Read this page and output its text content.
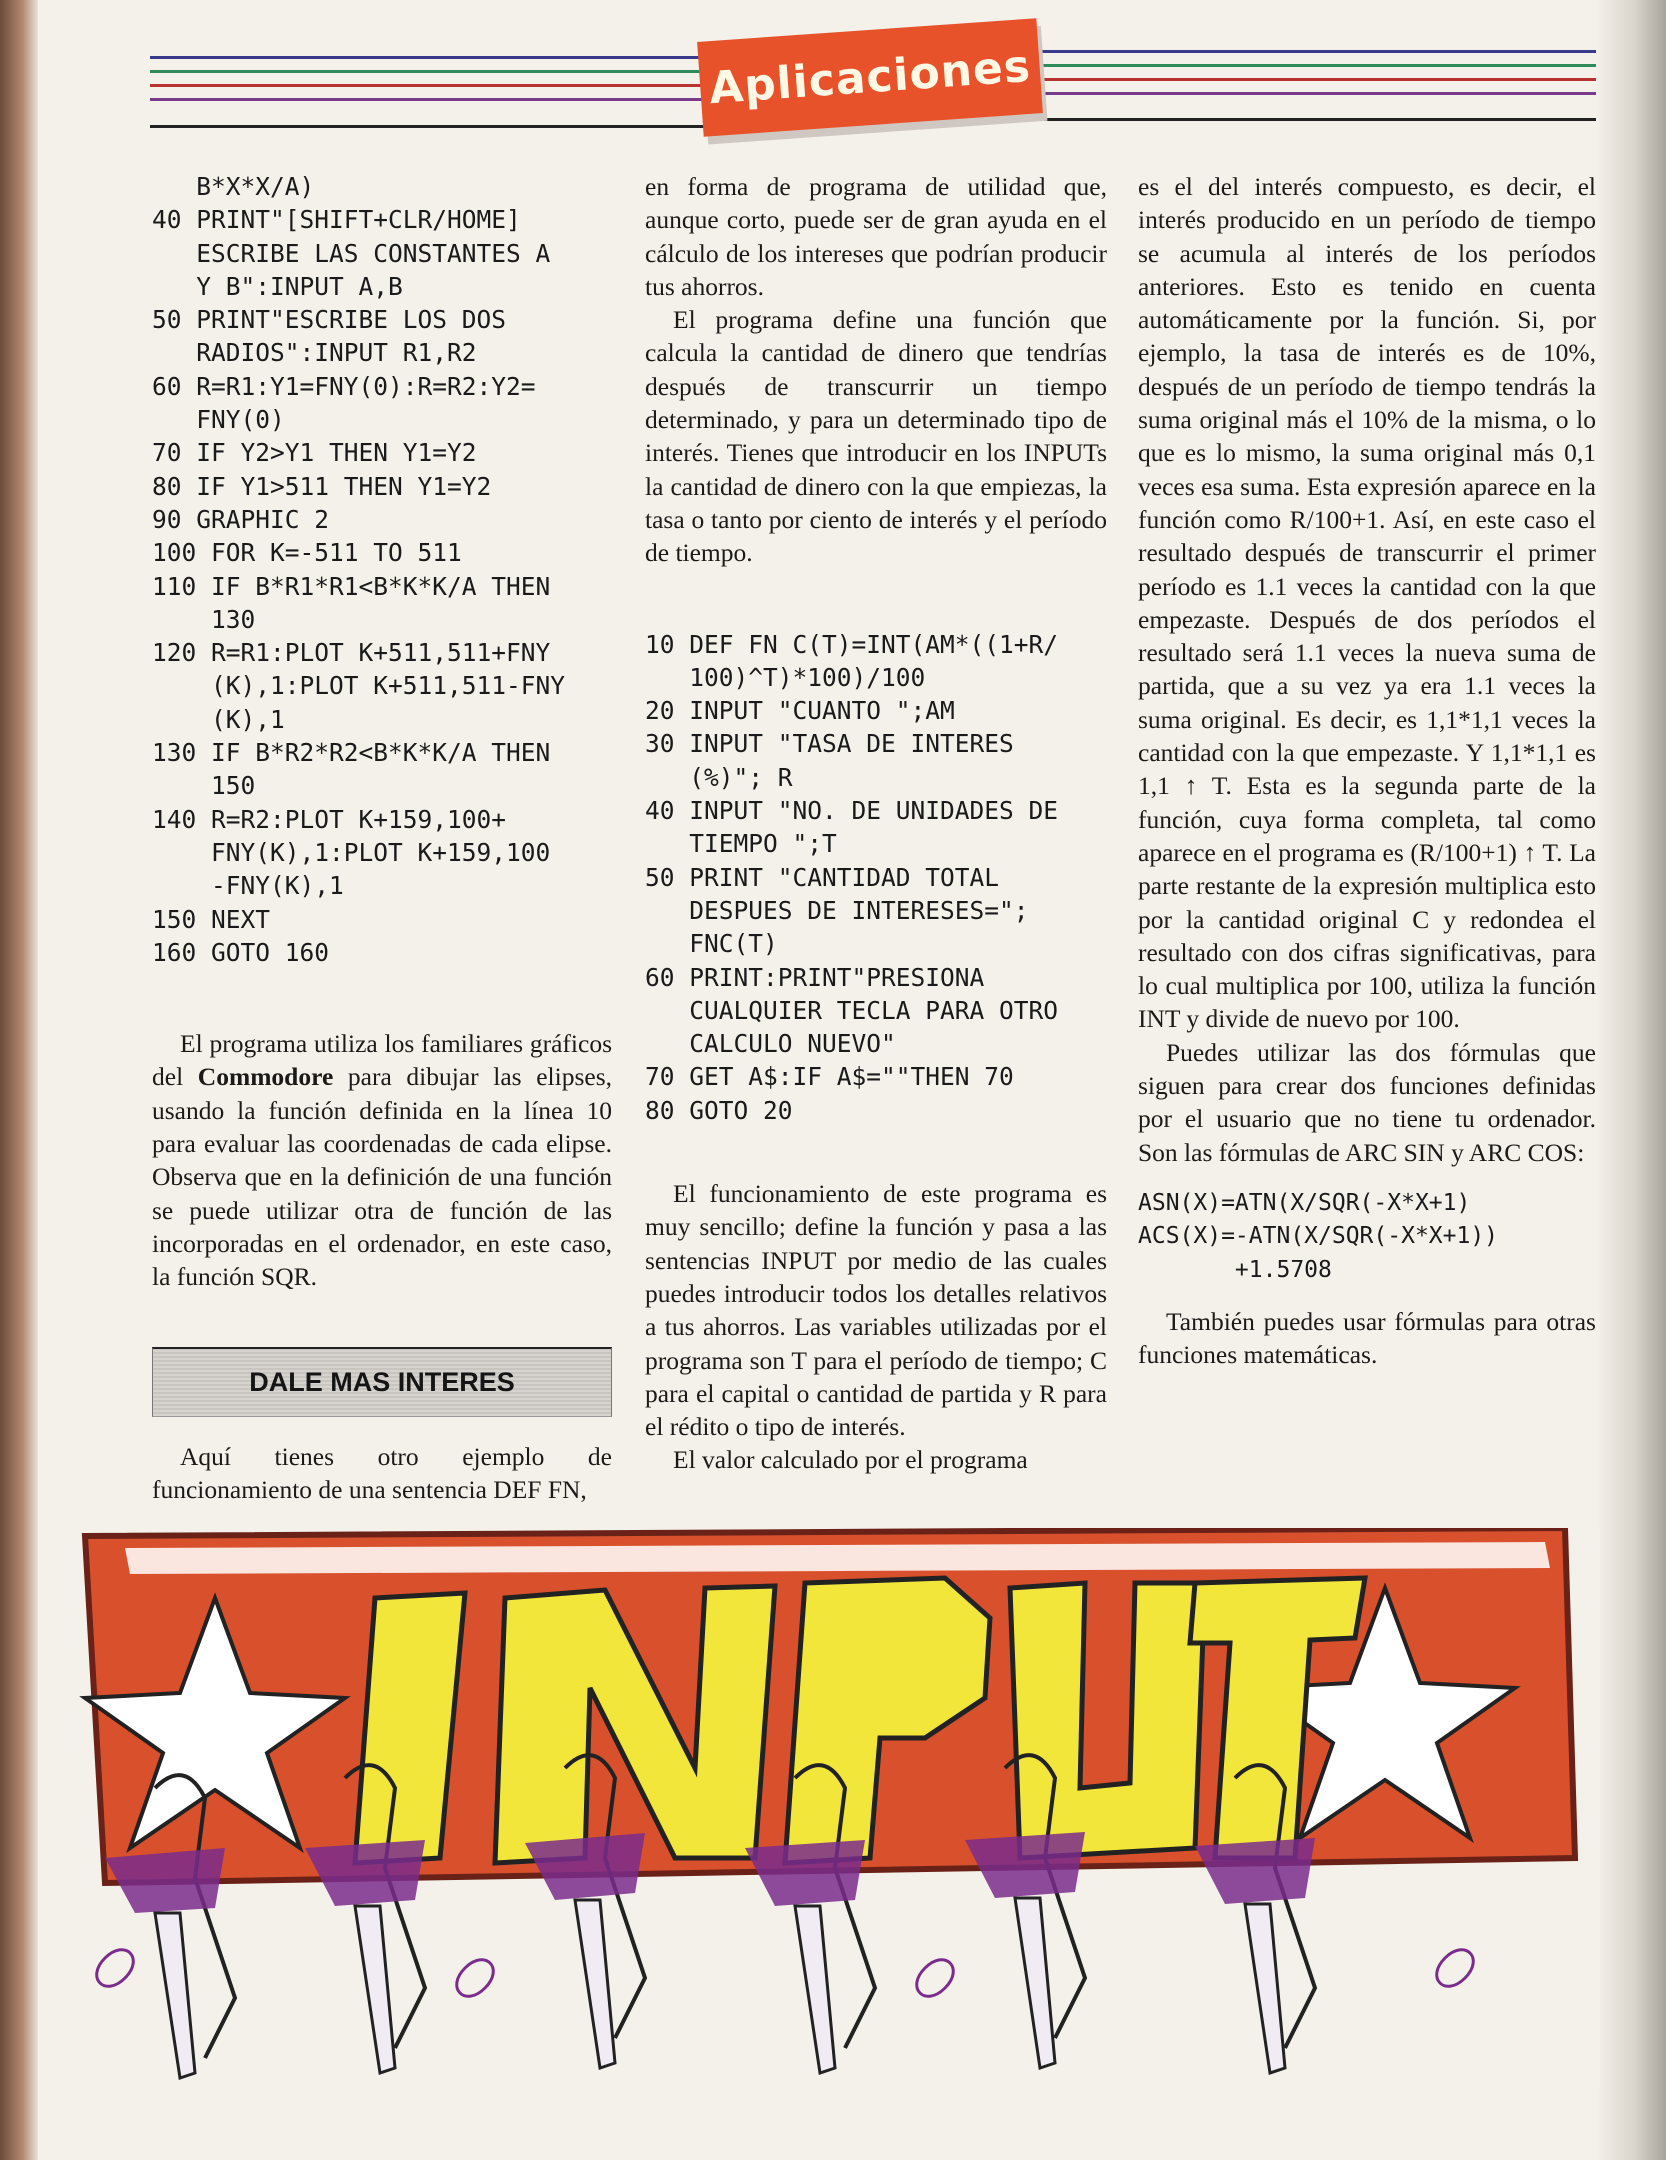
Aplicaciones
B*X*X/A)
40 PRINT"[SHIFT+CLR/HOME]
ESCRIBE LAS CONSTANTES A
Y B":INPUT A,B
50 PRINT"ESCRIBE LOS DOS
RADIOS":INPUT R1,R2
60 R=R1:Y1=FNY(0):R=R2:Y2=
FNY(0)
70 IF Y2>Y1 THEN Y1=Y2
80 IF Y1>511 THEN Y1=Y2
90 GRAPHIC 2
100 FOR K=-511 TO 511
110 IF B*R1*R1<B*K*K/A THEN
130
120 R=R1:PLOT K+511,511+FNY
(K),1:PLOT K+511,511-FNY
(K),1
130 IF B*R2*R2<B*K*K/A THEN
150
140 R=R2:PLOT K+159,100+
FNY(K),1:PLOT K+159,100
-FNY(K),1
150 NEXT
160 GOTO 160

El programa utiliza los familiares gráficos del Commodore para dibujar las elipses, usando la función definida en la línea 10 para evaluar las coordenadas de cada elipse. Observa que en la definición de una función se puede utilizar otra de función de las incorporadas en el ordenador, en este caso, la función SQR.

DALE MAS INTERES

Aquí tienes otro ejemplo de funcionamiento de una sentencia DEF FN,

en forma de programa de utilidad que, aunque corto, puede ser de gran ayuda en el cálculo de los intereses que podrían producir tus ahorros.

El programa define una función que calcula la cantidad de dinero que tendrías después de transcurrir un tiempo determinado, y para un determinado tipo de interés. Tienes que introducir en los INPUTs la cantidad de dinero con la que empiezas, la tasa o tanto por ciento de interés y el período de tiempo.

10 DEF FN C(T)=INT(AM*((1+R/
100)^T)*100)/100
20 INPUT "CUANTO ";AM
30 INPUT "TASA DE INTERES
(%)"; R
40 INPUT "NO. DE UNIDADES DE
TIEMPO ";T
50 PRINT "CANTIDAD TOTAL
DESPUES DE INTERESES=";
FNC(T)
60 PRINT:PRINT"PRESIONA
CUALQUIER TECLA PARA OTRO
CALCULO NUEVO"
70 GET A$:IF A$=""THEN 70
80 GOTO 20

El funcionamiento de este programa es muy sencillo; define la función y pasa a las sentencias INPUT por medio de las cuales puedes introducir todos los detalles relativos a tus ahorros. Las variables utilizadas por el programa son T para el período de tiempo; C para el capital o cantidad de partida y R para el rédito o tipo de interés.

El valor calculado por el programa

es el del interés compuesto, es decir, el interés producido en un período de tiempo se acumula al interés de los períodos anteriores. Esto es tenido en cuenta automáticamente por la función. Si, por ejemplo, la tasa de interés es de 10%, después de un período de tiempo tendrás la suma original más el 10% de la misma, o lo que es lo mismo, la suma original más 0,1 veces esa suma. Esta expresión aparece en la función como R/100+1. Así, en este caso el resultado después de transcurrir el primer período es 1.1 veces la cantidad con la que empezaste. Después de dos períodos el resultado será 1.1 veces la nueva suma de partida, que a su vez ya era 1.1 veces la suma original. Es decir, es 1,1*1,1 veces la cantidad con la que empezaste. Y 1,1*1,1 es 1,1 ↑ T. Esta es la segunda parte de la función, cuya forma completa, tal como aparece en el programa es (R/100+1) ↑ T. La parte restante de la expresión multiplica esto por la cantidad original C y redondea el resultado con dos cifras significativas, para lo cual multiplica por 100, utiliza la función INT y divide de nuevo por 100.

Puedes utilizar las dos fórmulas que siguen para crear dos funciones definidas por el usuario que no tiene tu ordenador. Son las fórmulas de ARC SIN y ARC COS:

ASN(X)=ATN(X/SQR(-X*X+1)
ACS(X)=-ATN(X/SQR(-X*X+1))
+1.5708

También puedes usar fórmulas para otras funciones matemáticas.
